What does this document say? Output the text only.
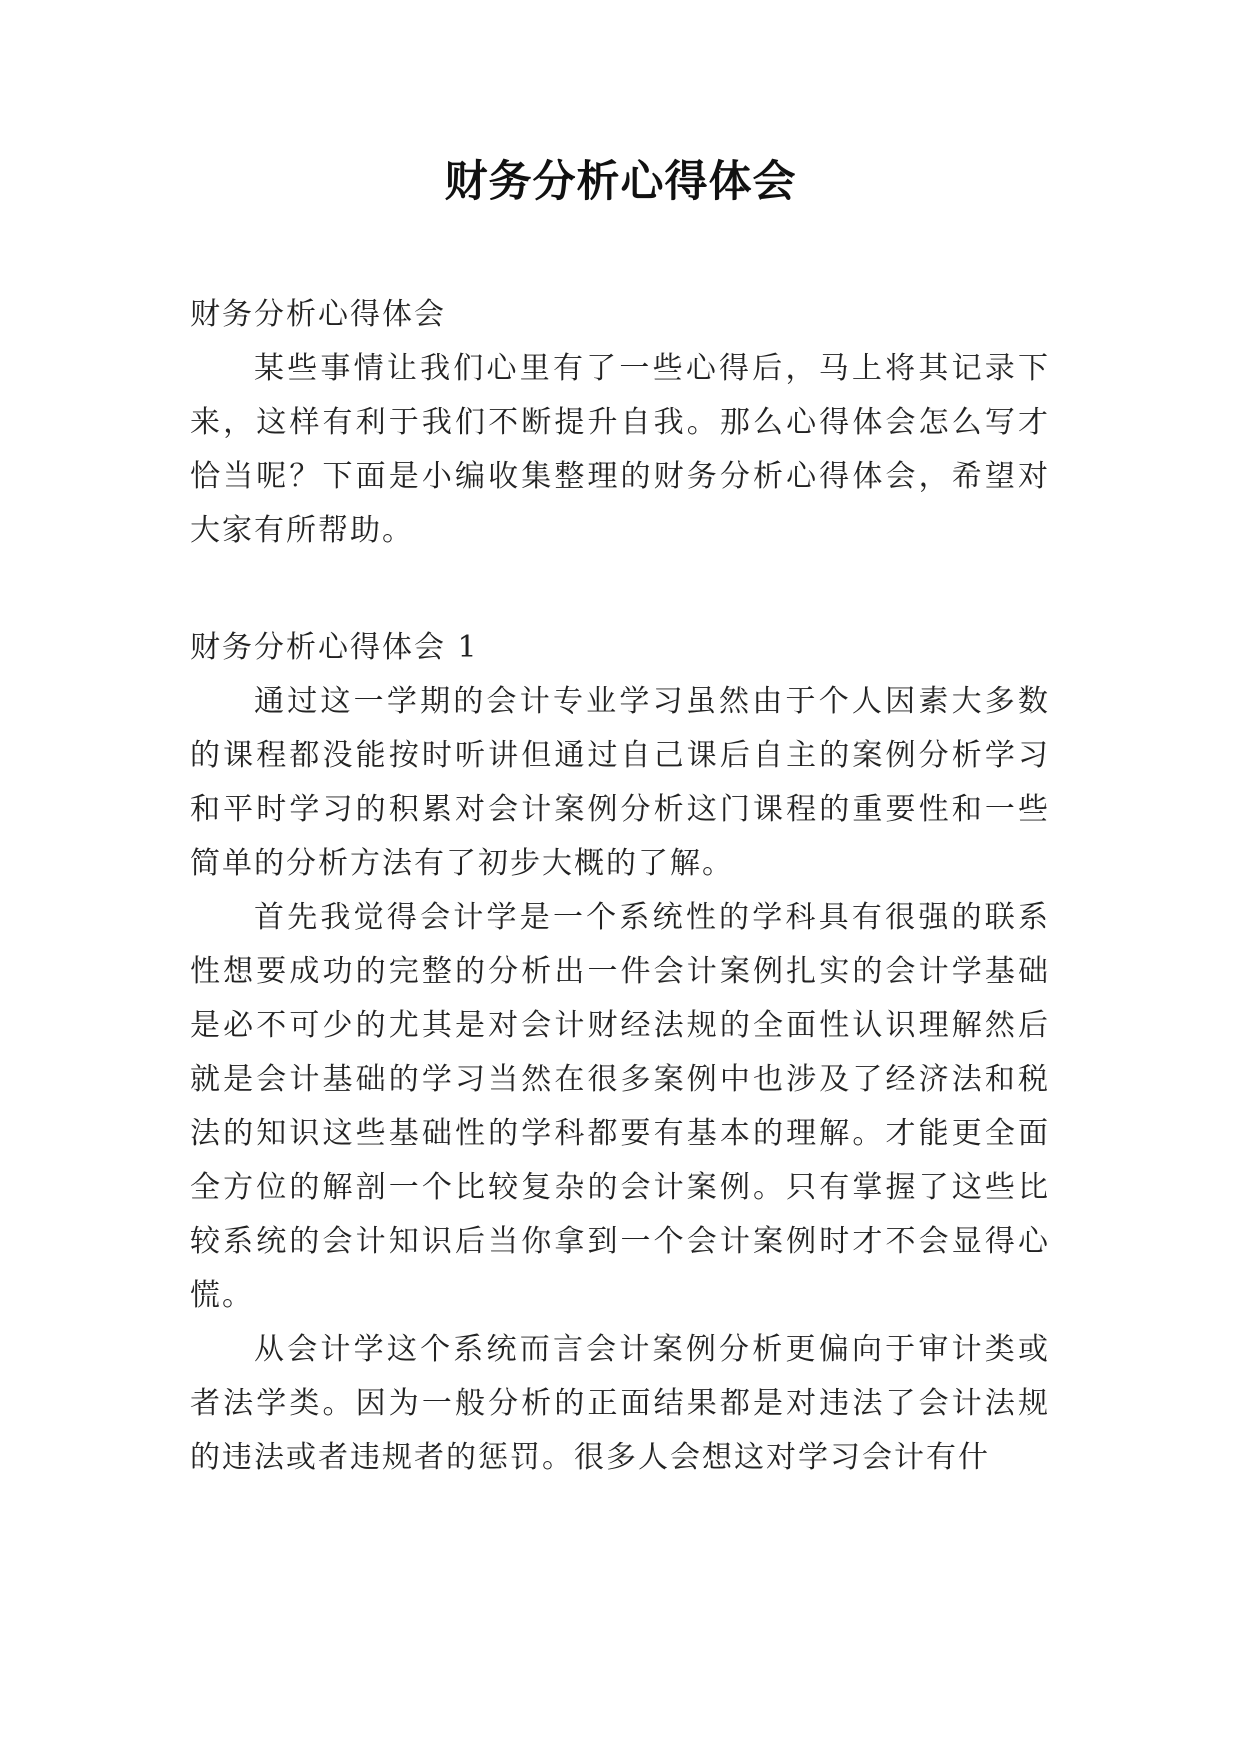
财务分析心得体会
财务分析心得体会

某些事情让我们心里有了一些心得后，马上将其记录下来，这样有利于我们不断提升自我。那么心得体会怎么写才恰当呢？下面是小编收集整理的财务分析心得体会，希望对大家有所帮助。

财务分析心得体会 1

通过这一学期的会计专业学习虽然由于个人因素大多数的课程都没能按时听讲但通过自己课后自主的案例分析学习和平时学习的积累对会计案例分析这门课程的重要性和一些简单的分析方法有了初步大概的了解。

首先我觉得会计学是一个系统性的学科具有很强的联系性想要成功的完整的分析出一件会计案例扎实的会计学基础是必不可少的尤其是对会计财经法规的全面性认识理解然后就是会计基础的学习当然在很多案例中也涉及了经济法和税法的知识这些基础性的学科都要有基本的理解。才能更全面全方位的解剖一个比较复杂的会计案例。只有掌握了这些比较系统的会计知识后当你拿到一个会计案例时才不会显得心慌。

从会计学这个系统而言会计案例分析更偏向于审计类或者法学类。因为一般分析的正面结果都是对违法了会计法规的违法或者违规者的惩罚。很多人会想这对学习会计有什
